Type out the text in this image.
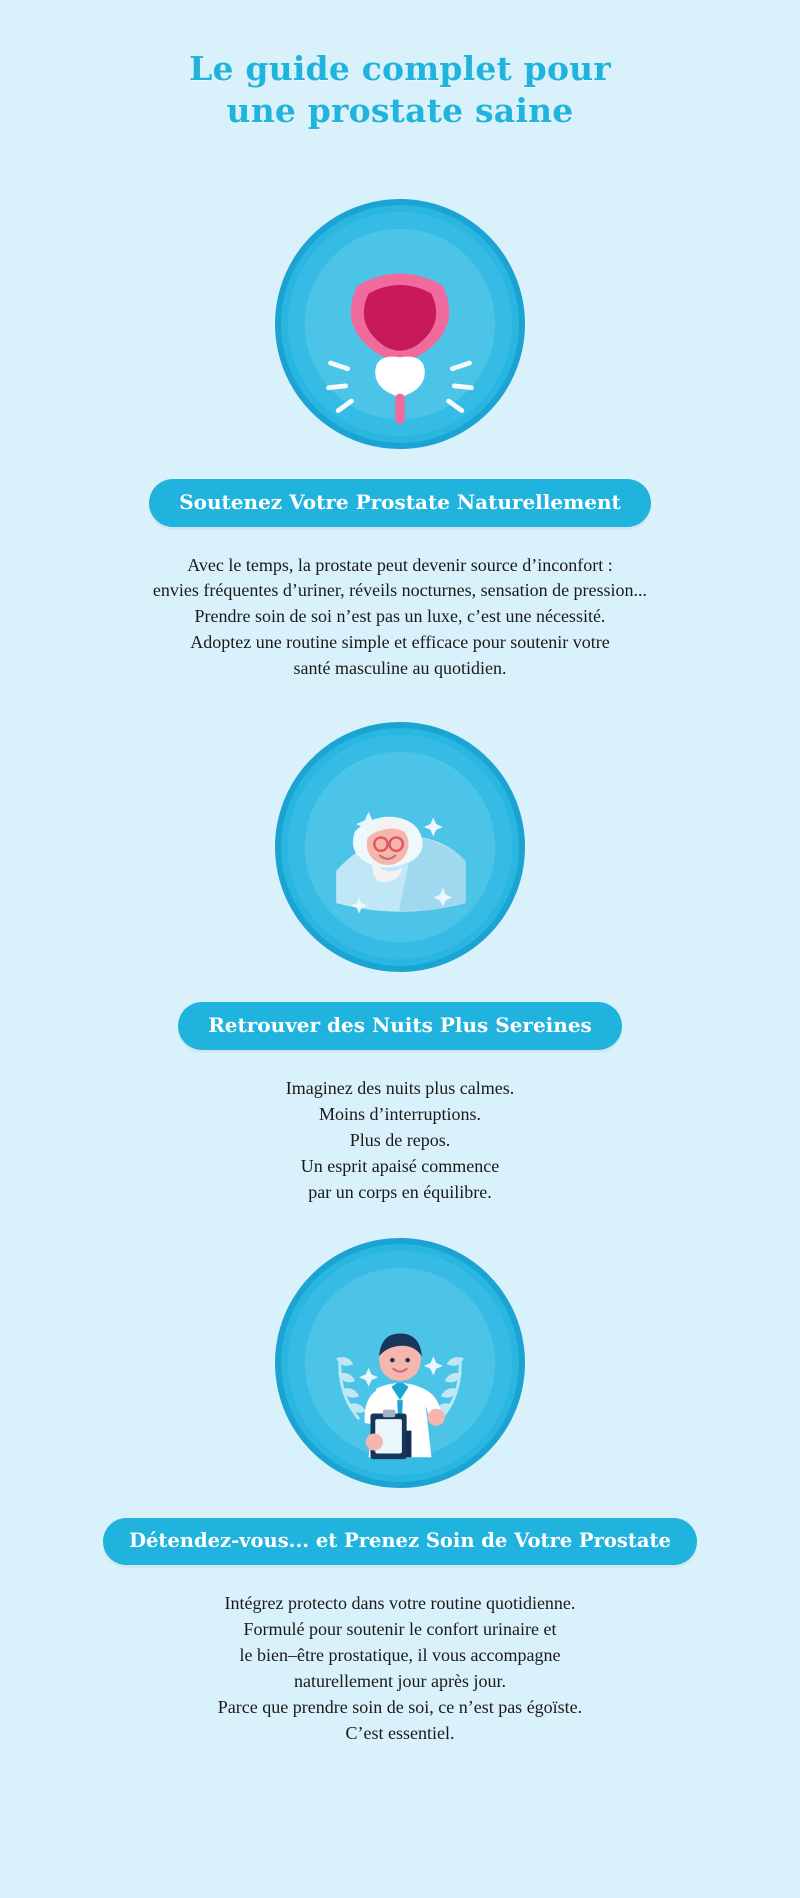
Le guide complet pour
une prostate saine
Soutenez Votre Prostate Naturellement
Avec le temps, la prostate peut devenir source d’inconfort :
envies fréquentes d’uriner, réveils nocturnes, sensation de pression...
Prendre soin de soi n’est pas un luxe, c’est une nécessité.
Adoptez une routine simple et efficace pour soutenir votre
santé masculine au quotidien.
Retrouver des Nuits Plus Sereines
Imaginez des nuits plus calmes.
Moins d’interruptions.
Plus de repos.
Un esprit apaisé commence
par un corps en équilibre.
Détendez-vous... et Prenez Soin de Votre Prostate
Intégrez protecto dans votre routine quotidienne.
Formulé pour soutenir le confort urinaire et
le bien–être prostatique, il vous accompagne
naturellement jour après jour.
Parce que prendre soin de soi, ce n’est pas égoïste.
C’est essentiel.
